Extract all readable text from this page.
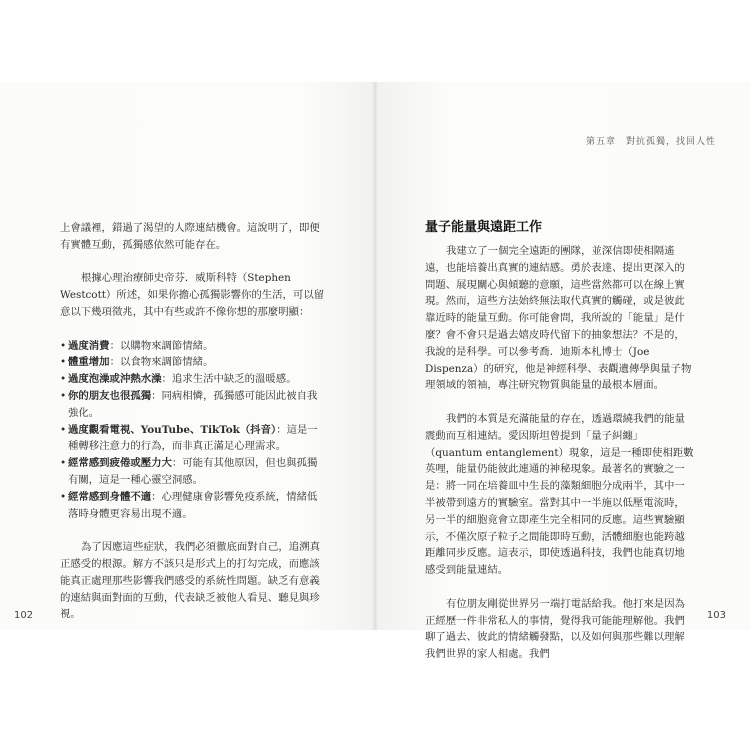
第五章　對抗孤獨，找回人性

上會議裡，錯過了渴望的人際連結機會。這說明了，即便有實體互動，孤獨感依然可能存在。

根據心理治療師史帝芬．威斯科特（Stephen Westcott）所述，如果你擔心孤獨影響你的生活，可以留意以下幾項徵兆，其中有些或許不像你想的那麼明顯：

• 過度消費：以購物來調節情緒。
• 體重增加：以食物來調節情緒。
• 過度泡澡或沖熱水澡：追求生活中缺乏的溫暖感。
• 你的朋友也很孤獨：同病相憐，孤獨感可能因此被自我強化。
• 過度觀看電視、YouTube、TikTok（抖音）：這是一種轉移注意力的行為，而非真正滿足心理需求。
• 經常感到疲倦或壓力大：可能有其他原因，但也與孤獨有關，這是一種心靈空洞感。
• 經常感到身體不適：心理健康會影響免疫系統，情緒低落時身體更容易出現不適。

為了因應這些症狀，我們必須徹底面對自己，追溯真正感受的根源。解方不該只是形式上的打勾完成，而應該能真正處理那些影響我們感受的系統性問題。缺乏有意義的連結與面對面的互動，代表缺乏被他人看見、聽見與珍視。

量子能量與遠距工作

我建立了一個完全遠距的團隊，並深信即使相隔遙遠，也能培養出真實的連結感。勇於表達、提出更深入的問題、展現關心與傾聽的意願，這些當然都可以在線上實現。然而，這些方法始終無法取代真實的觸碰，或是彼此靠近時的能量互動。你可能會問，我所說的「能量」是什麼？會不會只是過去嬉皮時代留下的抽象想法？不是的，我說的是科學。可以參考喬．迪斯本札博士（Joe Dispenza）的研究，他是神經科學、表觀遺傳學與量子物理領域的領袖，專注研究物質與能量的最根本層面。

我們的本質是充滿能量的存在，透過環繞我們的能量震動而互相連結。愛因斯坦曾提到「量子糾纏」（quantum entanglement）現象，這是一種即使相距數英哩，能量仍能彼此連通的神秘現象。最著名的實驗之一是：將一同在培養皿中生長的藻類細胞分成兩半，其中一半被帶到遠方的實驗室。當對其中一半施以低壓電流時，另一半的細胞竟會立即產生完全相同的反應。這些實驗顯示，不僅次原子粒子之間能即時互動，活體細胞也能跨越距離同步反應。這表示，即使透過科技，我們也能真切地感受到能量連結。

有位朋友剛從世界另一端打電話給我。他打來是因為正經歷一件非常私人的事情，覺得我可能能理解他。我們聊了過去、彼此的情緒觸發點，以及如何與那些難以理解我們世界的家人相處。我們

102	103
